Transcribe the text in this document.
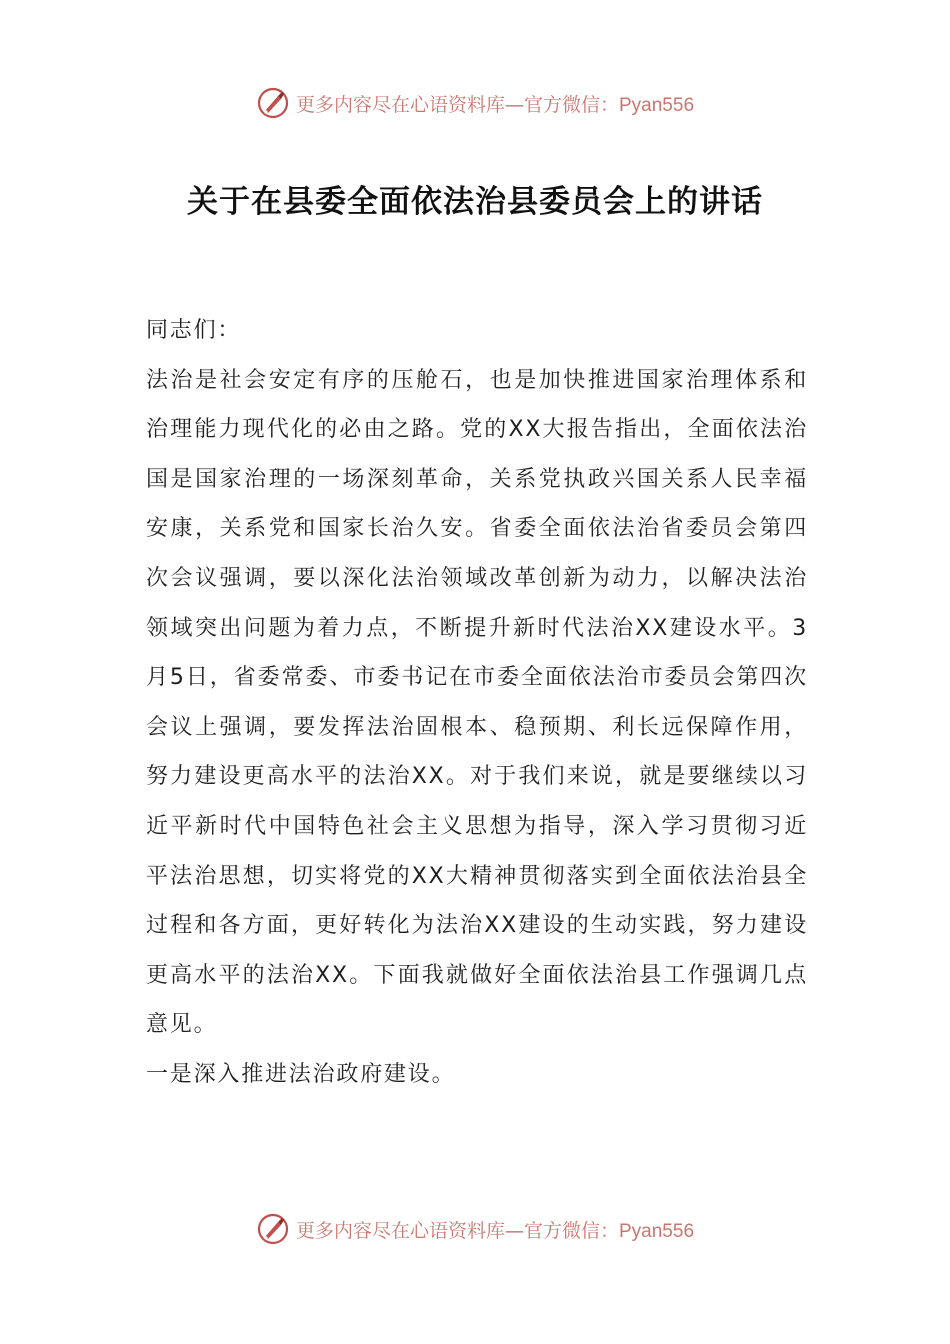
更多内容尽在心语资料库—官方微信：Pyan556
关于在县委全面依法治县委员会上的讲话

同志们：

法治是社会安定有序的压舱石，也是加快推进国家治理体系和治理能力现代化的必由之路。党的XX大报告指出，全面依法治国是国家治理的一场深刻革命，关系党执政兴国关系人民幸福安康，关系党和国家长治久安。省委全面依法治省委员会第四次会议强调，要以深化法治领域改革创新为动力，以解决法治领域突出问题为着力点，不断提升新时代法治XX建设水平。3月5日，省委常委、市委书记在市委全面依法治市委员会第四次会议上强调，要发挥法治固根本、稳预期、利长远保障作用，努力建设更高水平的法治XX。对于我们来说，就是要继续以习近平新时代中国特色社会主义思想为指导，深入学习贯彻习近平法治思想，切实将党的XX大精神贯彻落实到全面依法治县全过程和各方面，更好转化为法治XX建设的生动实践，努力建设更高水平的法治XX。下面我就做好全面依法治县工作强调几点意见。

一是深入推进法治政府建设。

更多内容尽在心语资料库—官方微信：Pyan556
